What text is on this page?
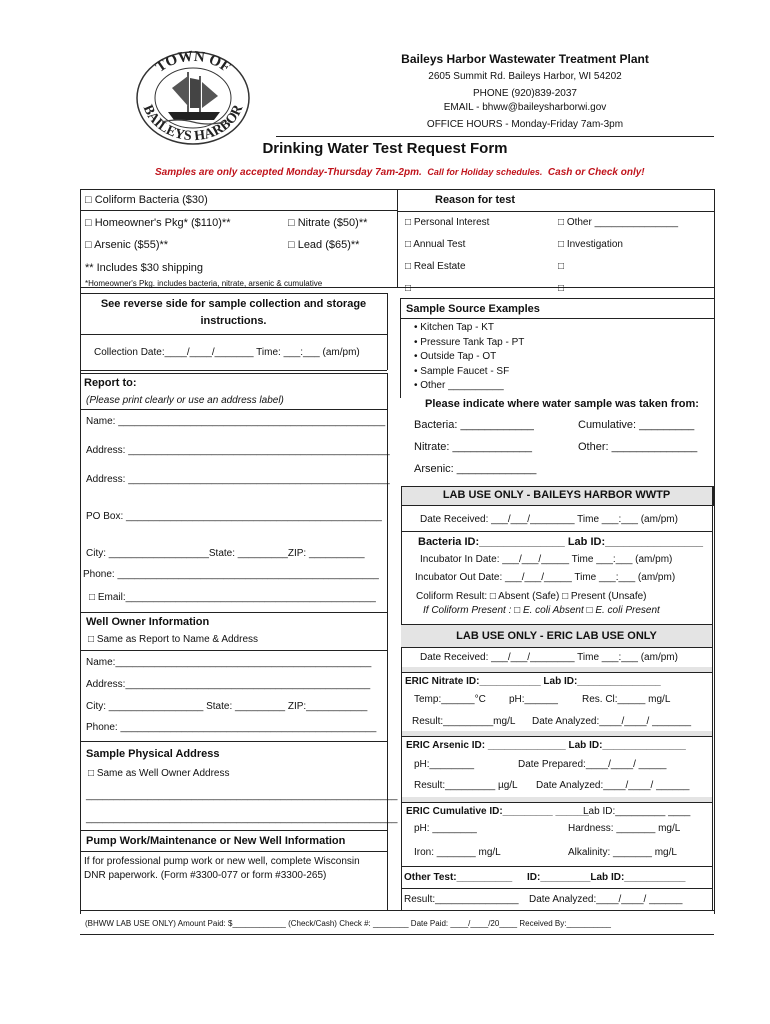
TOWN OF
BAILEYS HARBOR
Baileys Harbor Wastewater Treatment Plant
2605 Summit Rd. Baileys Harbor, WI 54202
PHONE (920)839-2037
EMAIL - bhww@baileysharborwi.gov
OFFICE HOURS - Monday-Friday 7am-3pm
Drinking Water Test Request Form
Samples are only accepted Monday-Thursday 7am-2pm. Call for Holiday schedules. Cash or Check only!
□ Coliform Bacteria ($30)
□ Homeowner's Pkg* ($110)**	□ Nitrate ($50)**
□ Arsenic ($55)**	□ Lead ($65)**
** Includes $30 shipping
*Homeowner's Pkg. includes bacteria, nitrate, arsenic & cumulative
Reason for test
□ Personal Interest	□ Other _______________
□ Annual Test	□ Investigation
□ Real Estate	□
□	□
See reverse side for sample collection and storage
instructions.
Collection Date:____/____/_______ Time: ___:___ (am/pm)
Sample Source Examples
• Kitchen Tap - KT
• Pressure Tank Tap - PT
• Outside Tap - OT
• Sample Faucet - SF
• Other __________
Please indicate where water sample was taken from:
Bacteria: ____________	Cumulative: _________
Nitrate: _____________	Other: ______________
Arsenic: _____________
Report to:
(Please print clearly or use an address label)
Name: ________________________________________________
Address: _______________________________________________
Address: _______________________________________________
PO Box: ______________________________________________
City: __________________State: _________ZIP: __________
Phone: _______________________________________________
□ Email:_____________________________________________
Well Owner Information
□ Same as Report to Name & Address
Name:______________________________________________
Address:____________________________________________
City: _________________ State: _________ ZIP:___________
Phone: ______________________________________________
Sample Physical Address
□ Same as Well Owner Address
________________________________________________________
________________________________________________________
Pump Work/Maintenance or New Well Information
If for professional pump work or new well, complete Wisconsin
DNR paperwork. (Form #3300-077 or form #3300-265)
LAB USE ONLY - BAILEYS HARBOR WWTP
Date Received: ___/___/________ Time ___:___ (am/pm)
Bacteria ID:______________ Lab ID:________________
Incubator In Date: ___/___/_____ Time ___:___ (am/pm)
Incubator Out Date: ___/___/_____ Time ___:___ (am/pm)
Coliform Result: □ Absent (Safe) □ Present (Unsafe)
If Coliform Present : □ E. coli Absent □ E. coli Present
LAB USE ONLY - ERIC LAB USE ONLY
Date Received: ___/___/________ Time ___:___ (am/pm)
ERIC Nitrate ID:___________ Lab ID:_______________
Temp:______°C pH:______ Res. Cl:_____ mg/L
Result:_________mg/L Date Analyzed:____/____/ _______
ERIC Arsenic ID: ______________ Lab ID:_______________
pH:________	Date Prepared:____/____/ _____
Result:_________ µg/L Date Analyzed:____/____/ ______
ERIC Cumulative ID:_________ ______
Lab ID:_________ ____
pH: ________	Hardness: _______ mg/L
Iron: _______ mg/L	Alkalinity: _______ mg/L
Other Test:__________ ID:_________Lab ID:___________
Result:_______________ Date Analyzed:____/____/ ______
(BHWW LAB USE ONLY) Amount Paid: $____________ (Check/Cash) Check #: ________ Date Paid: ____/____/20____ Received By:__________
